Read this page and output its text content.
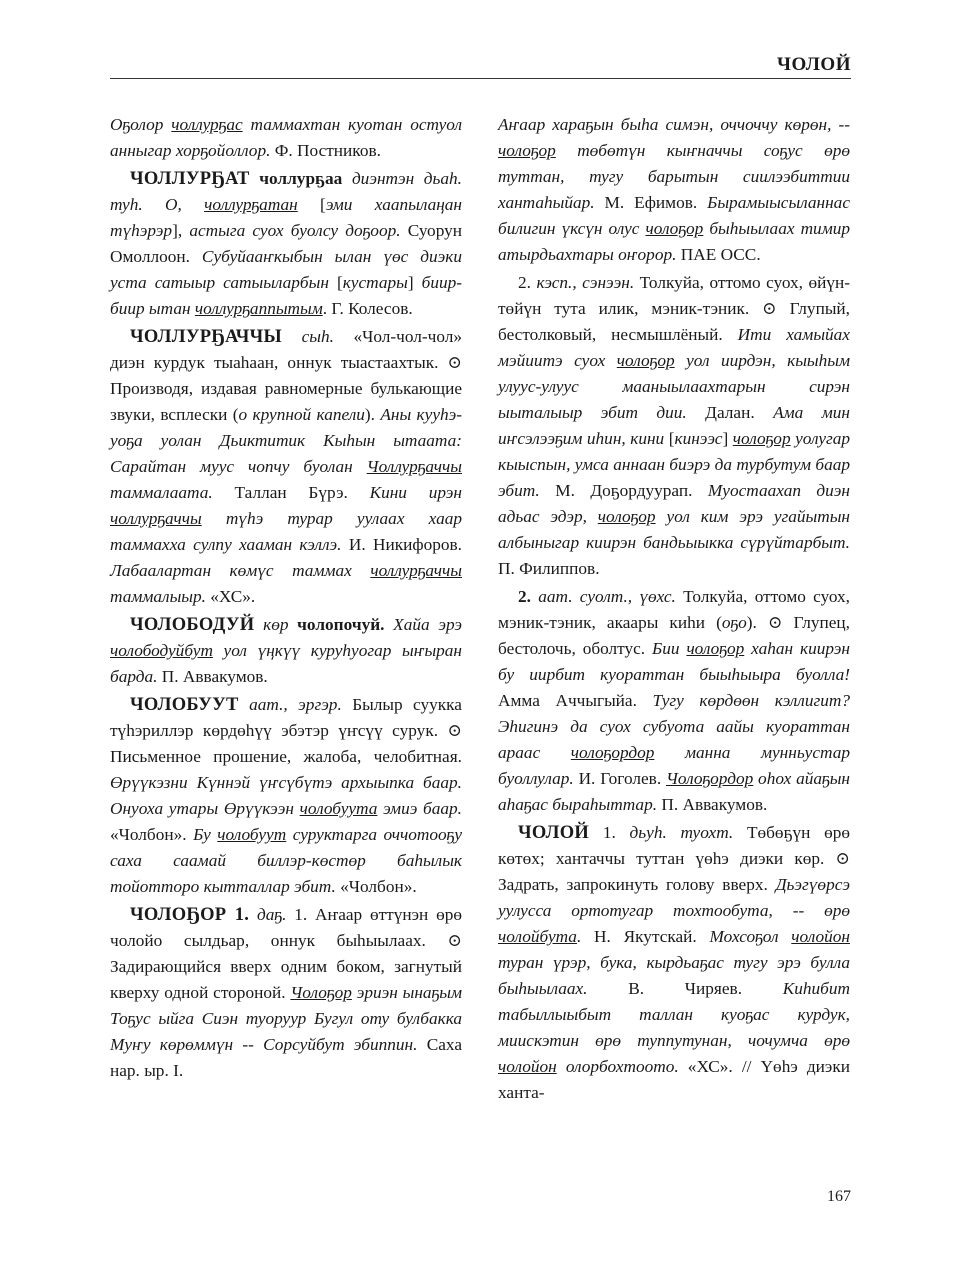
ЧОЛОЙ

Оҕолор чоллурҕас таммахтан куотан остуол анныгар хорҕойоллор. Ф. Постников.

ЧОЛЛУРҔАТ чоллурҕаа диэнтэн дьаһ. туһ. О, чоллурҕатан [эми хаапылаңан түһэрэр], астыга суох буолсу доҕоор. Суорун Омоллоон. Субуйааҥкыбын ылан үөс диэки уста сатыыр сатыыларбын [кустары] биир-биир ытан чоллурҕаппытым. Г. Колесов.

ЧОЛЛУРҔАЧЧЫ сыһ. «Чол-чол-чол» диэн курдук тыаһаан, оннук тыастаахтык. ⊙ Производя, издавая равномерные булькающие звуки, всплески (о крупной капели). Аны кууһэ-уоҕа уолан Дьиктитик Кыһын ытаата: Сарайтан муус чопчу буолан Чоллурҕаччы таммалаата. Таллан Бүрэ. Кини ирэн чоллурҕаччы түһэ турар уулаах хаар таммахха сулпу хааман кэллэ. И. Никифоров. Лабаалартан көмүс таммах чоллурҕаччы таммалыыр. «ХС».

ЧОЛОБОДУЙ көр чолопочуй. Хайа эрэ чолободуйбут уол үңкүү куруһуогар ыҥыран барда. П. Аввакумов.

ЧОЛОБУУТ аат., эргэр. Былыр суукка түһэриллэр көрдөһүү эбэтэр үҥсүү сурук. ⊙ Письменное прошение, жалоба, челобитная. Өрүүкэзни Күннэй үҥсүбүтэ архыыпка баар. Онуоха утары Өрүүкээн чолобуута эмиэ баар. «Чолбон». Бу чолобуут суруктарга оччотооҕу саха саамай биллэр-көстөр баһылык тойотторо кытталлар эбит. «Чолбон».

ЧОЛОҔОР 1. даҕ. 1. Аҥаар өттүнэн өрө чолойо сылдьар, оннук быһыылаах. ⊙ Задирающийся вверх одним боком, загнутый кверху одной стороной. Чолоҕор эриэн ынаҕым Тоҕус ыйга Сиэн туоруур Бугул оту булбакка Муҥу көрөммүн -- Сорсуйбут эбиппин. Саха нар. ыр. I.

Аҥаар хараҕын быһа симэн, оччоччу көрөн, -- чолоҕор төбөтүн кыҥначчы соҕус өрө туттан, тугу барытын сиилээбиттии хантаһыйар. М. Ефимов. Бырамыысыланнас билигин үксүн олус чолоҕор быһыылаах тимир атырдьахтары оҥорор. ПАЕ ОСС.

2. кэсп., сэнээн. Толкуйа, оттомо суох, өйүн-төйүн тута илик, мэник-тэник. ⊙ Глупый, бестолковый, несмышлёный. Ити хамыйах мэйиитэ суох чолоҕор уол иирдэн, кыыһым улууc-улууc мааныылаахтарын сирэн ыыталыыр эбит дии. Далан. Ама мин иҥсэлээҕим иһин, кини [кинээс] чолоҕор уолугар кыыспын, умса аннаан биэрэ да турбутум баар эбит. М. Доҕордуурап. Муостаахап диэн адьас эдэр, чолоҕор уол ким эрэ угайытын албыныгар киирэн бандьыыкка сүрүйтарбыт. П. Филиппов.

2. аат. суолт., үөхс. Толкуйа, оттомо суох, мэник-тэник, акаары киһи (оҕо). ⊙ Глупец, бестолочь, оболтус. Бии чолоҕор хаһан киирэн бу иирбит куораттан быыһыыра буолла! Амма Аччыгыйа. Тугу көрдөөн кэллигит? Эһигинэ да суох субуота аайы куораттан араас чолоҕордор манна мунньустар буоллулар. И. Гоголев. Чолоҕордор оһох айаҕын аһаҕас быраһыттар. П. Аввакумов.

ЧОЛОЙ 1. дьуһ. туохт. Төбөҕүн өрө көтөх; хантаччы туттан үөһэ диэки көр. ⊙ Задрать, запрокинуть голову вверх. Дьэгүөрсэ уулусса ортотугар тохтообута, -- өрө чолойбута. Н. Якутскай. Мохсоҕол чолойон туран үрэр, бука, кырдьаҕас тугу эрэ булла быһыылаах. В. Чиряев. Киһибит табыллыыбыт таллан куоҕас курдук, миискэтин өрө туппутунан, чочумча өрө чолойон олорбохтоото. «ХС». // Үөһэ диэки ханта-

167
